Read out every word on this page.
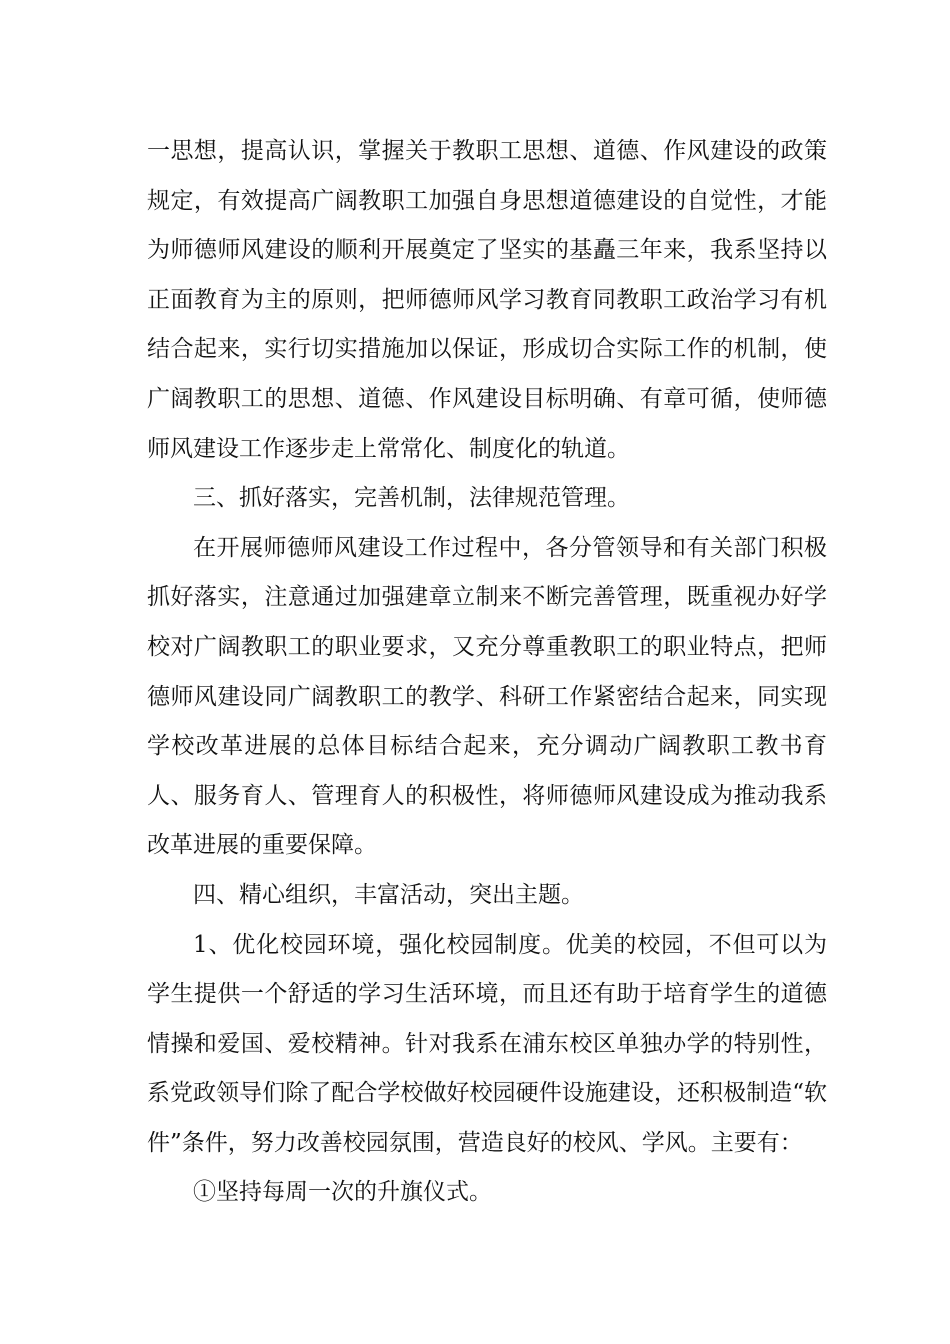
一思想，提高认识，掌握关于教职工思想、道德、作风建设的政策规定，有效提高广阔教职工加强自身思想道德建设的自觉性，才能为师德师风建设的顺利开展奠定了坚实的基矗三年来，我系坚持以正面教育为主的原则，把师德师风学习教育同教职工政治学习有机结合起来，实行切实措施加以保证，形成切合实际工作的机制，使广阔教职工的思想、道德、作风建设目标明确、有章可循，使师德师风建设工作逐步走上常常化、制度化的轨道。

三、抓好落实，完善机制，法律规范管理。

在开展师德师风建设工作过程中，各分管领导和有关部门积极抓好落实，注意通过加强建章立制来不断完善管理，既重视办好学校对广阔教职工的职业要求，又充分尊重教职工的职业特点，把师德师风建设同广阔教职工的教学、科研工作紧密结合起来，同实现学校改革进展的总体目标结合起来，充分调动广阔教职工教书育人、服务育人、管理育人的积极性，将师德师风建设成为推动我系改革进展的重要保障。

四、精心组织，丰富活动，突出主题。

1、优化校园环境，强化校园制度。优美的校园，不但可以为学生提供一个舒适的学习生活环境，而且还有助于培育学生的道德情操和爱国、爱校精神。针对我系在浦东校区单独办学的特别性，系党政领导们除了配合学校做好校园硬件设施建设，还积极制造“软件”条件，努力改善校园氛围，营造良好的校风、学风。主要有：

①坚持每周一次的升旗仪式。
